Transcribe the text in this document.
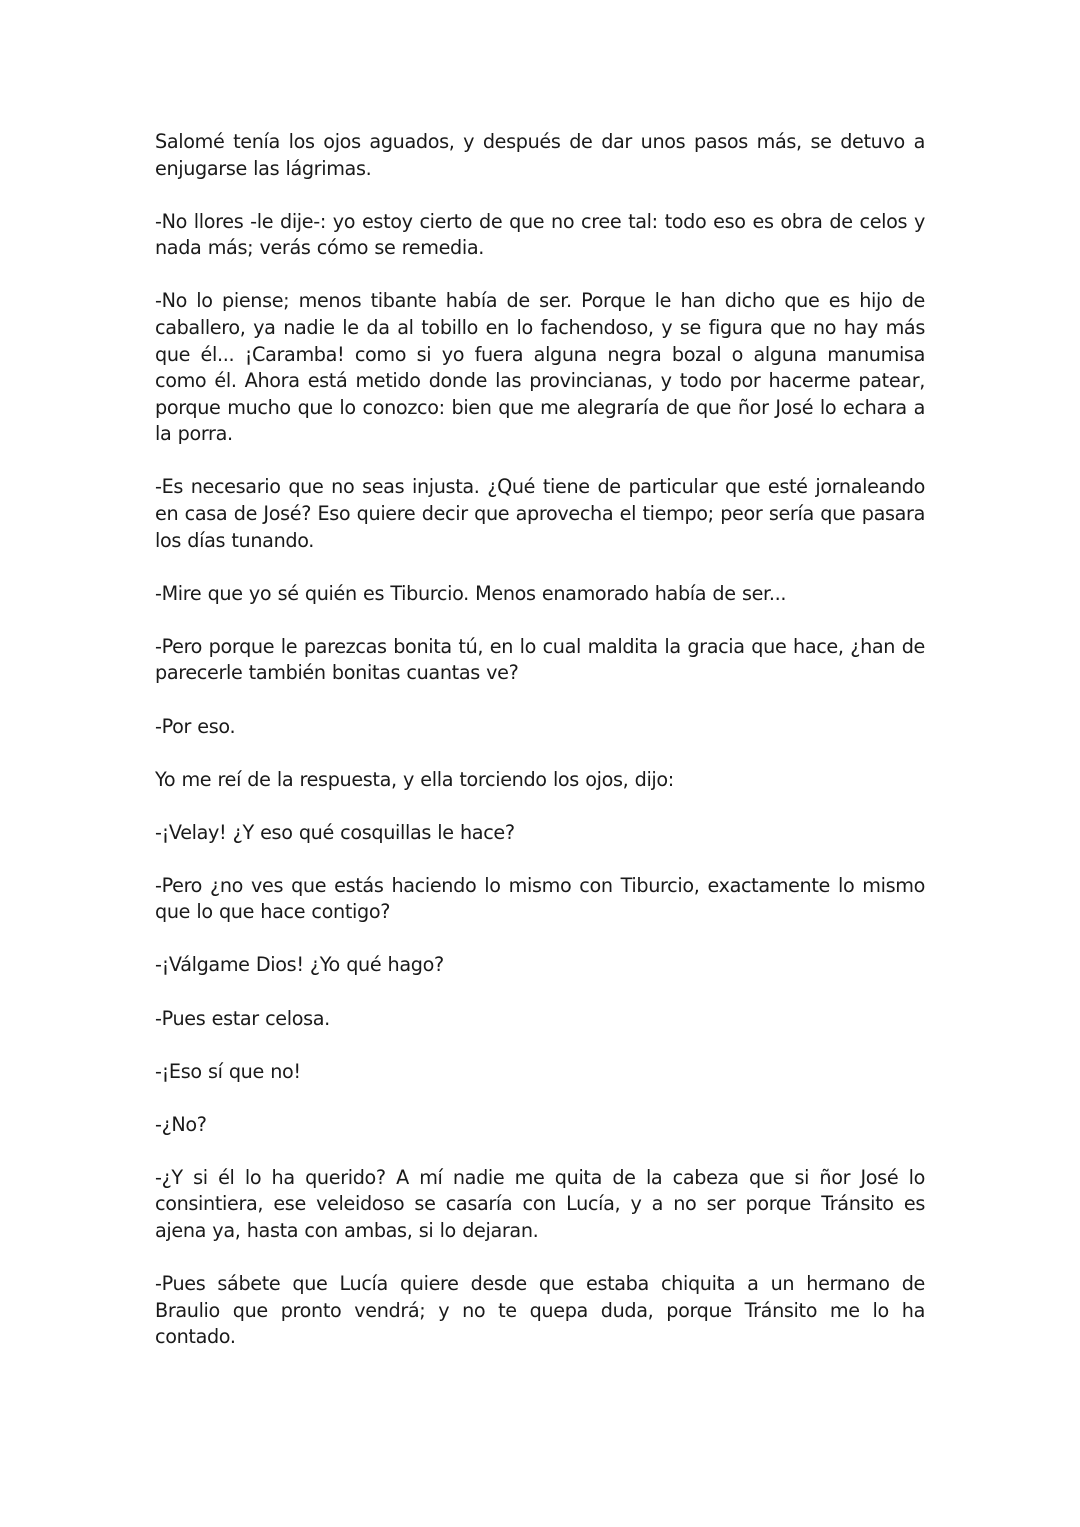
Salomé tenía los ojos aguados, y después de dar unos pasos más, se detuvo a enjugarse las lágrimas.

-No llores -le dije-: yo estoy cierto de que no cree tal: todo eso es obra de celos y nada más; verás cómo se remedia.

-No lo piense; menos tibante había de ser. Porque le han dicho que es hijo de caballero, ya nadie le da al tobillo en lo fachendoso, y se figura que no hay más que él... ¡Caramba! como si yo fuera alguna negra bozal o alguna manumisa como él. Ahora está metido donde las provincianas, y todo por hacerme patear, porque mucho que lo conozco: bien que me alegraría de que ñor José lo echara a la porra.

-Es necesario que no seas injusta. ¿Qué tiene de particular que esté jornaleando en casa de José? Eso quiere decir que aprovecha el tiempo; peor sería que pasara los días tunando.

-Mire que yo sé quién es Tiburcio. Menos enamorado había de ser...

-Pero porque le parezcas bonita tú, en lo cual maldita la gracia que hace, ¿han de parecerle también bonitas cuantas ve?

-Por eso.

Yo me reí de la respuesta, y ella torciendo los ojos, dijo:

-¡Velay! ¿Y eso qué cosquillas le hace?

-Pero ¿no ves que estás haciendo lo mismo con Tiburcio, exactamente lo mismo que lo que hace contigo?

-¡Válgame Dios! ¿Yo qué hago?

-Pues estar celosa.

-¡Eso sí que no!

-¿No?

-¿Y si él lo ha querido? A mí nadie me quita de la cabeza que si ñor José lo consintiera, ese veleidoso se casaría con Lucía, y a no ser porque Tránsito es ajena ya, hasta con ambas, si lo dejaran.

-Pues sábete que Lucía quiere desde que estaba chiquita a un hermano de Braulio que pronto vendrá; y no te quepa duda, porque Tránsito me lo ha contado.
